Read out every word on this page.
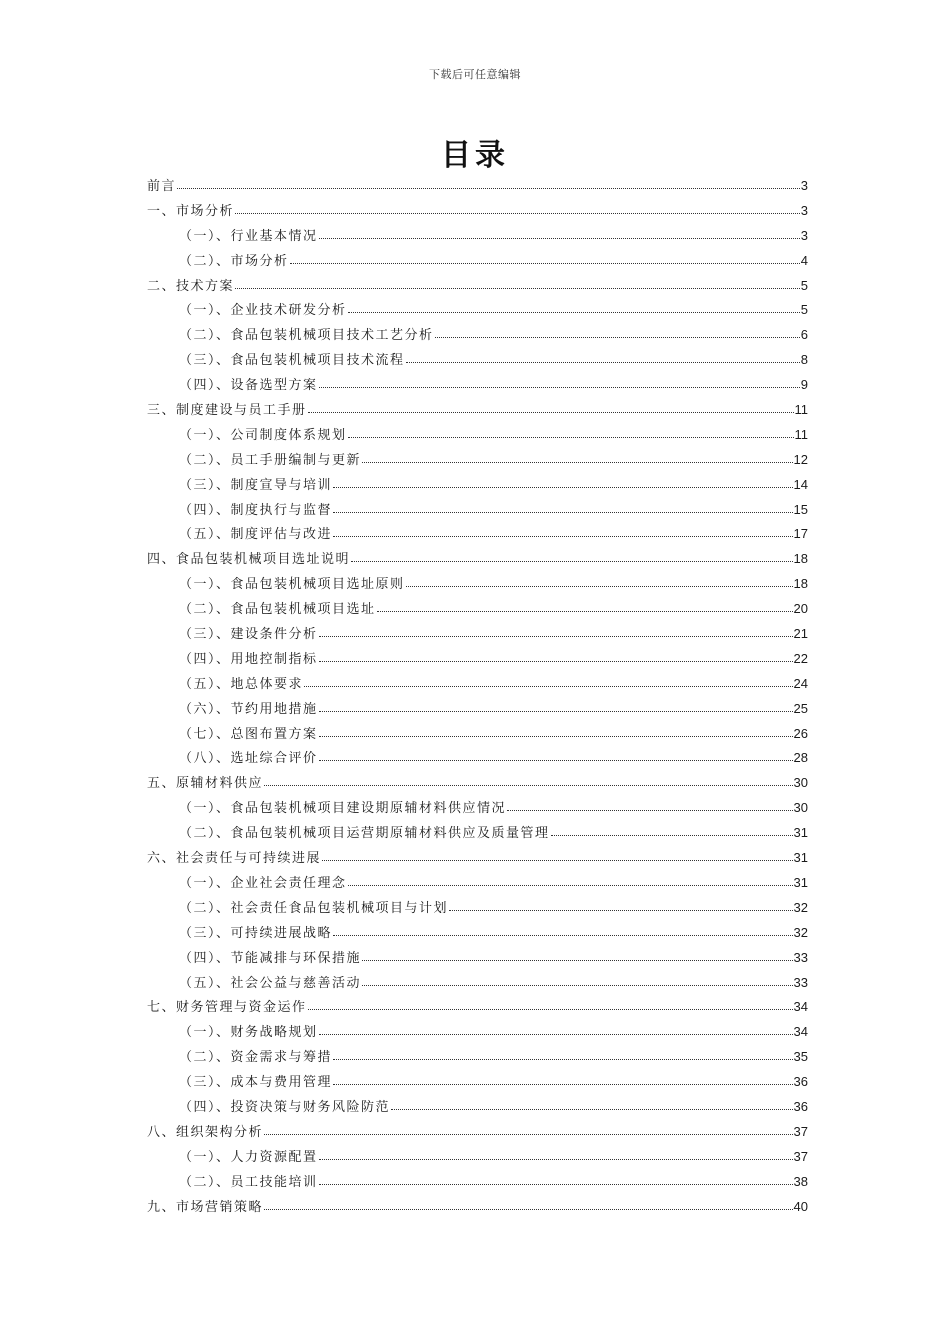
下载后可任意编辑
目录
前言	3
一、市场分析	3
（一）、行业基本情况	3
（二）、市场分析	4
二、技术方案	5
（一）、企业技术研发分析	5
（二）、食品包装机械项目技术工艺分析	6
（三）、食品包装机械项目技术流程	8
（四）、设备选型方案	9
三、制度建设与员工手册	11
（一）、公司制度体系规划	11
（二）、员工手册编制与更新	12
（三）、制度宣导与培训	14
（四）、制度执行与监督	15
（五）、制度评估与改进	17
四、食品包装机械项目选址说明	18
（一）、食品包装机械项目选址原则	18
（二）、食品包装机械项目选址	20
（三）、建设条件分析	21
（四）、用地控制指标	22
（五）、地总体要求	24
（六）、节约用地措施	25
（七）、总图布置方案	26
（八）、选址综合评价	28
五、原辅材料供应	30
（一）、食品包装机械项目建设期原辅材料供应情况	30
（二）、食品包装机械项目运营期原辅材料供应及质量管理	31
六、社会责任与可持续进展	31
（一）、企业社会责任理念	31
（二）、社会责任食品包装机械项目与计划	32
（三）、可持续进展战略	32
（四）、节能减排与环保措施	33
（五）、社会公益与慈善活动	33
七、财务管理与资金运作	34
（一）、财务战略规划	34
（二）、资金需求与筹措	35
（三）、成本与费用管理	36
（四）、投资决策与财务风险防范	36
八、组织架构分析	37
（一）、人力资源配置	37
（二）、员工技能培训	38
九、市场营销策略	40
